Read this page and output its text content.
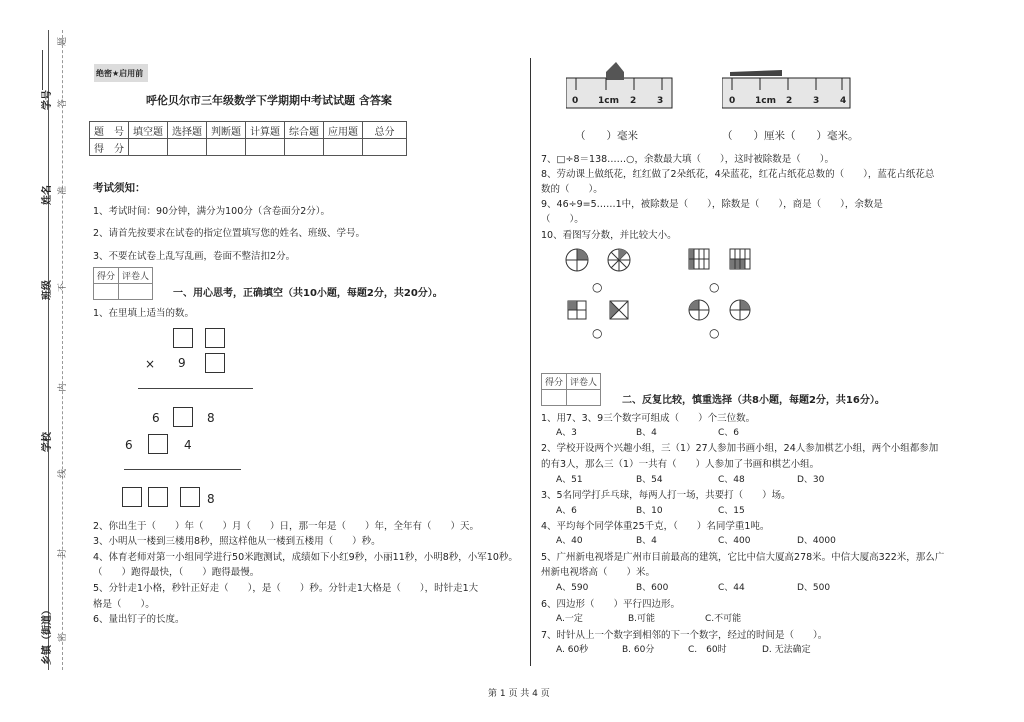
学号
姓名
班级
学校
乡镇（街道）
题
答
准
不
内
线
封
密
绝密★启用前
呼伦贝尔市三年级数学下学期期中考试试题 含答案
题　号	填空题	选择题	判断题	计算题	综合题	应用题	总分
得　分							
考试须知：
1、考试时间：90分钟，满分为100分（含卷面分2分）。
2、请首先按要求在试卷的指定位置填写您的姓名、班级、学号。
3、不要在试卷上乱写乱画，卷面不整洁扣2分。
得分	评卷人

一、用心思考，正确填空（共10小题，每题2分，共20分）。
1、在里填上适当的数。
× 9
6	8
6	4
8
2、你出生于（　　）年（　　）月（　　）日，那一年是（　　）年，全年有（　　）天。
3、小明从一楼到三楼用8秒，照这样他从一楼到五楼用（　　）秒。
4、体育老师对第一小组同学进行50米跑测试，成绩如下小红9秒，小丽11秒，小明8秒，小军10秒。
（　　）跑得最快，（　　）跑得最慢。
5、分针走1小格，秒针正好走（　　），是（　　）秒。分针走1大格是（　　），时针走1大
格是（　　）。
6、量出钉子的长度。
0 1cm 2 3	0 1cm 2 3 4
（　　）毫米	（　　）厘米（　　）毫米。
7、□÷8＝138……○，余数最大填（　　），这时被除数是（　　）。
8、劳动课上做纸花，红红做了2朵纸花，4朵蓝花，红花占纸花总数的（　　），蓝花占纸花总
数的（　　）。
9、46÷9=5……1中，被除数是（　　），除数是（　　），商是（　　），余数是
（　　）。
10、看图写分数，并比较大小。
○	○
○	○
得分	评卷人

二、反复比较，慎重选择（共8小题，每题2分，共16分）。
1、用7、3、9三个数字可组成（　　）个三位数。
A、3	B、4	C、6
2、学校开设两个兴趣小组，三（1）27人参加书画小组，24人参加棋艺小组，两个小组都参加
的有3人，那么三（1）一共有（　　）人参加了书画和棋艺小组。
A、51	B、54	C、48	D、30
3、5名同学打乒乓球，每两人打一场，共要打（　　）场。
A、6	B、10	C、15
4、平均每个同学体重25千克，（　　）名同学重1吨。
A、40	B、4	C、400	D、4000
5、广州新电视塔是广州市目前最高的建筑，它比中信大厦高278米。中信大厦高322米，那么广
州新电视塔高（　　）米。
A、590	B、600	C、44	D、500
6、四边形（　　）平行四边形。
A.一定	B.可能	C.不可能
7、时针从上一个数字到相邻的下一个数字，经过的时间是（　　）。
A. 60秒	B. 60分	C.　60时	D. 无法确定
第 1 页 共 4 页
